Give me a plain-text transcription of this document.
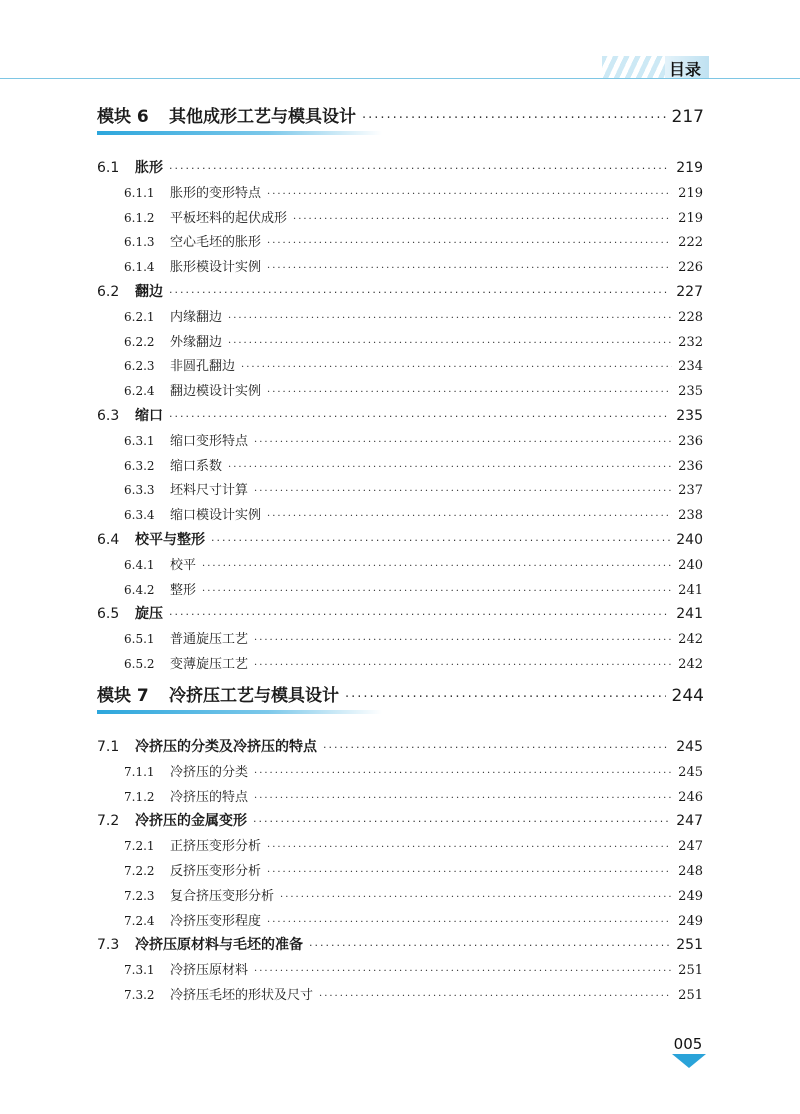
目录
模块 6	其他成形工艺与模具设计 ·····	217
6.1	胀形 ·····	219
6.1.1	胀形的变形特点 ·····	219
6.1.2	平板坯料的起伏成形 ·····	219
6.1.3	空心毛坯的胀形 ·····	222
6.1.4	胀形模设计实例 ·····	226
6.2	翻边 ·····	227
6.2.1	内缘翻边 ·····	228
6.2.2	外缘翻边 ·····	232
6.2.3	非圆孔翻边 ·····	234
6.2.4	翻边模设计实例 ·····	235
6.3	缩口 ·····	235
6.3.1	缩口变形特点 ·····	236
6.3.2	缩口系数 ·····	236
6.3.3	坯料尺寸计算 ·····	237
6.3.4	缩口模设计实例 ·····	238
6.4	校平与整形 ·····	240
6.4.1	校平 ·····	240
6.4.2	整形 ·····	241
6.5	旋压 ·····	241
6.5.1	普通旋压工艺 ·····	242
6.5.2	变薄旋压工艺 ·····	242
模块 7	冷挤压工艺与模具设计 ·····	244
7.1	冷挤压的分类及冷挤压的特点 ·····	245
7.1.1	冷挤压的分类 ·····	245
7.1.2	冷挤压的特点 ·····	246
7.2	冷挤压的金属变形 ·····	247
7.2.1	正挤压变形分析 ·····	247
7.2.2	反挤压变形分析 ·····	248
7.2.3	复合挤压变形分析 ·····	249
7.2.4	冷挤压变形程度 ·····	249
7.3	冷挤压原材料与毛坯的准备 ·····	251
7.3.1	冷挤压原材料 ·····	251
7.3.2	冷挤压毛坯的形状及尺寸 ·····	251
005
